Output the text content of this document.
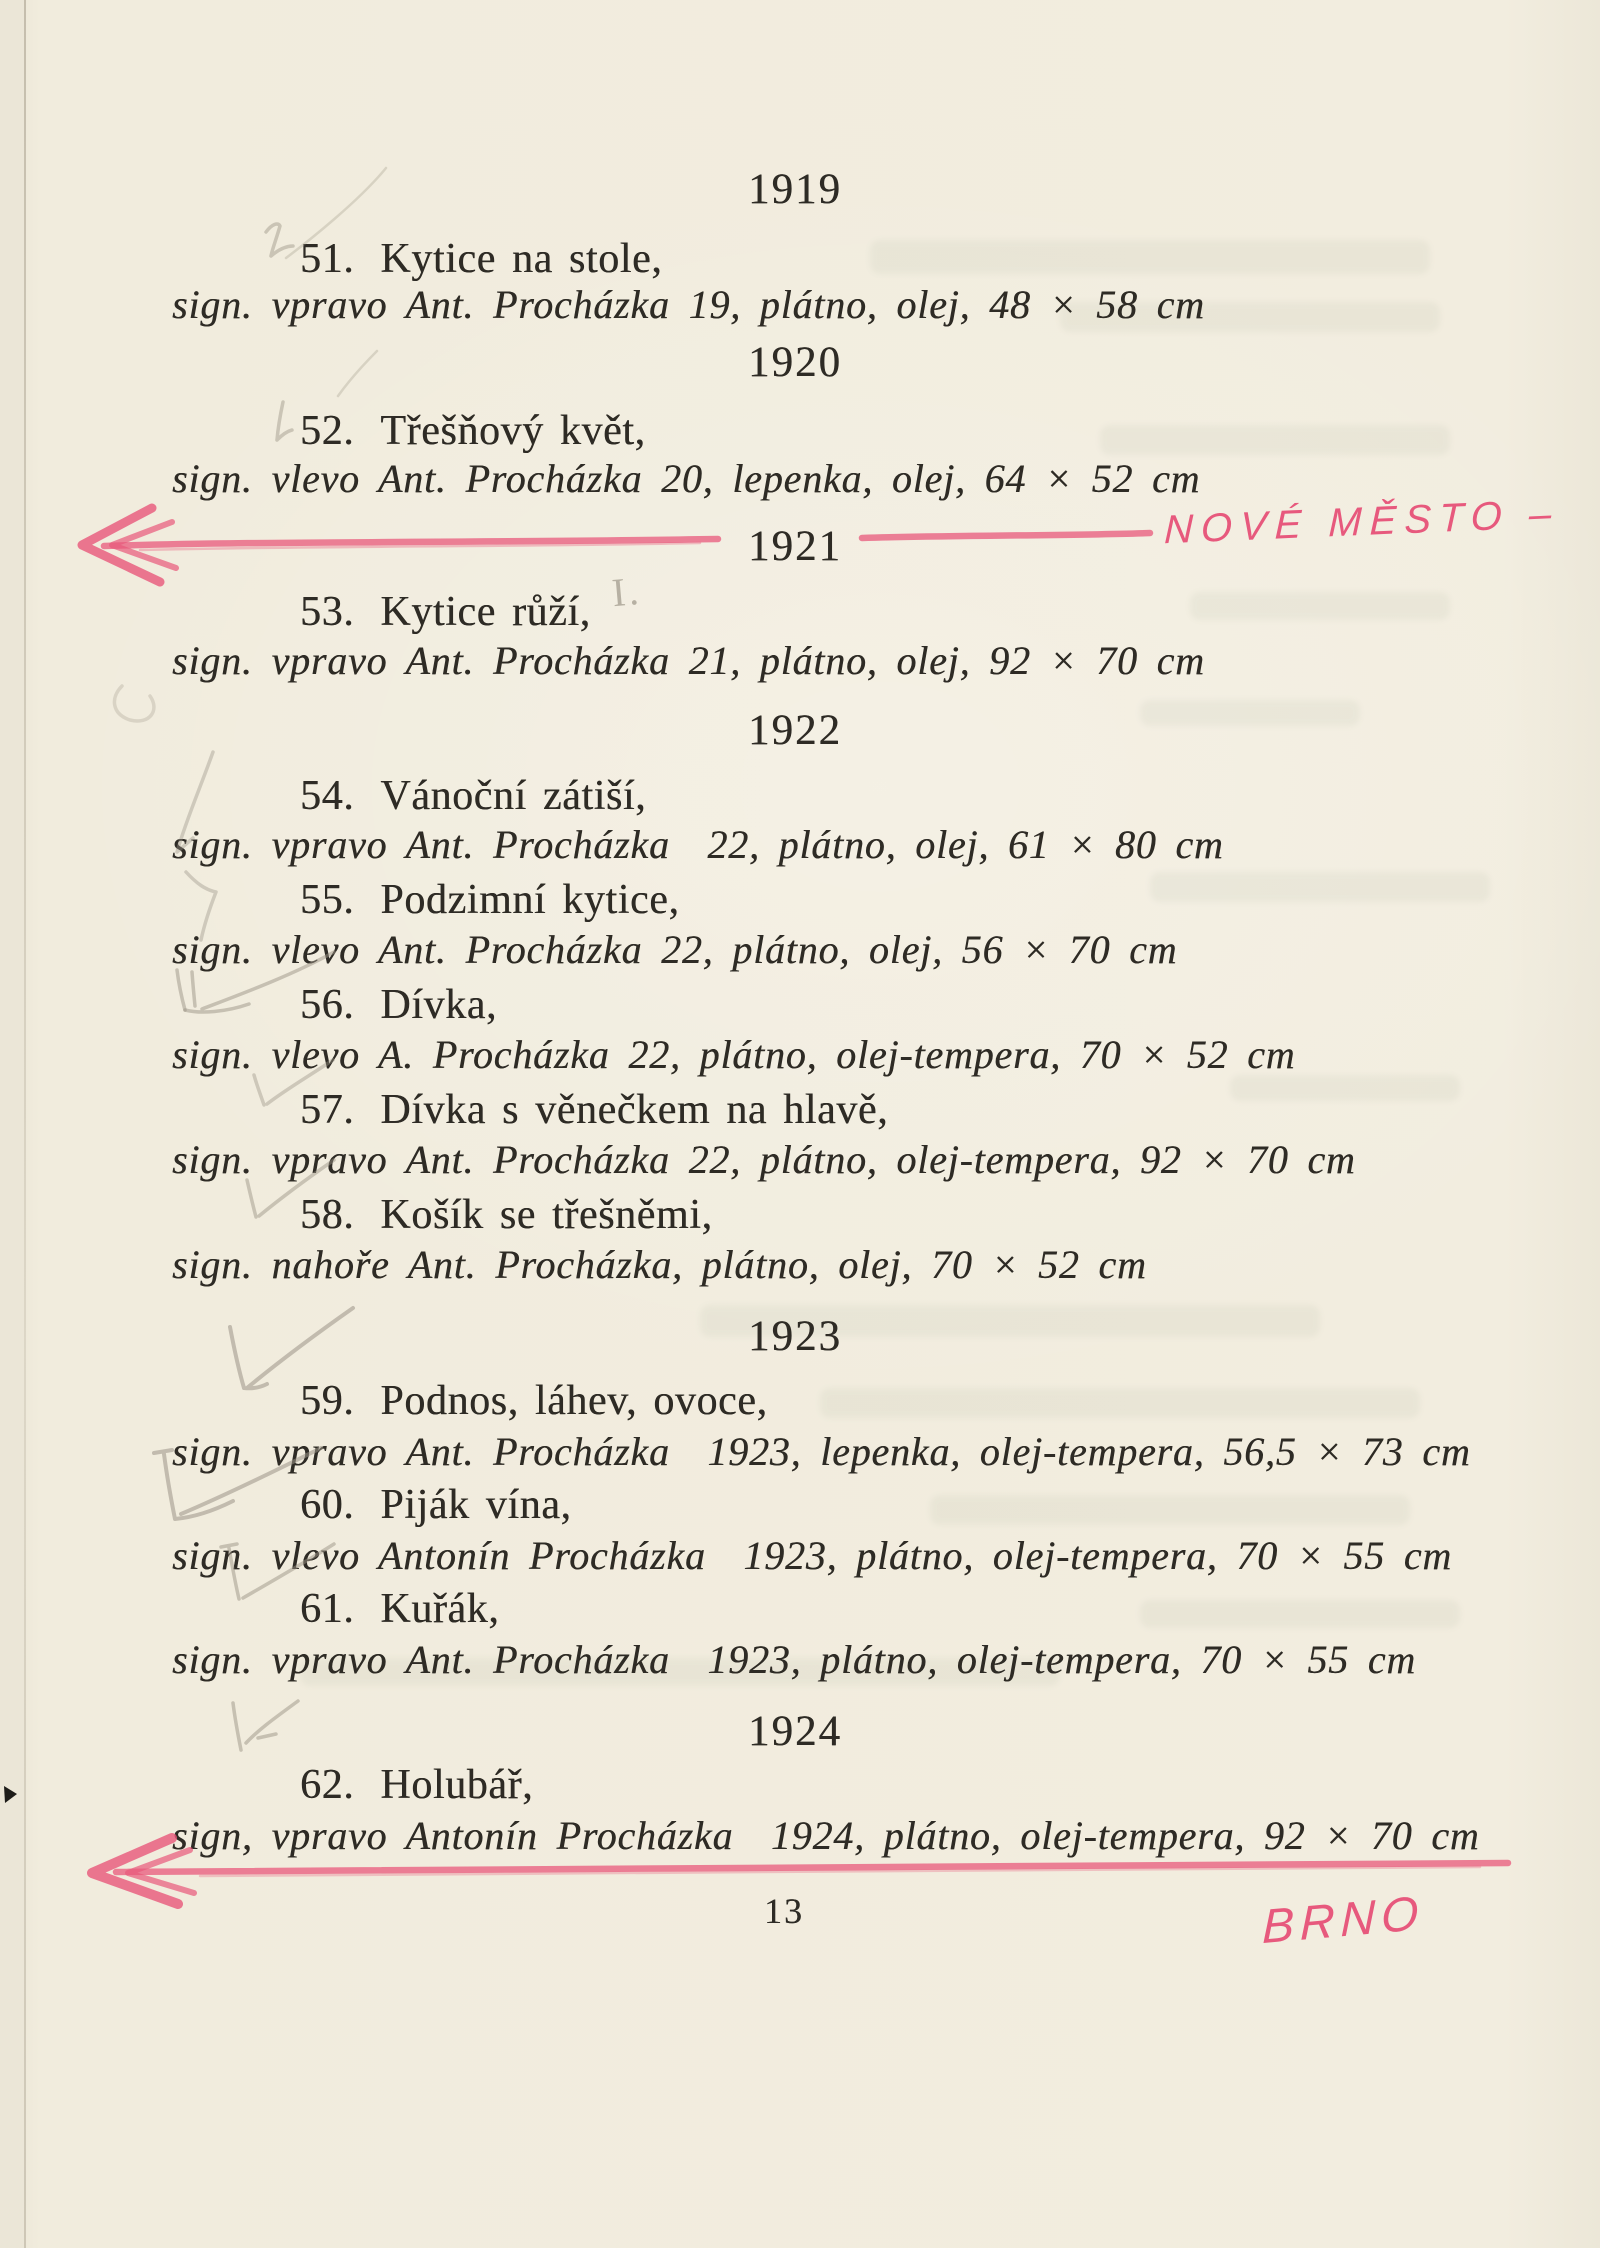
1919
51. Kytice na stole,
sign. vpravo Ant. Procházka 19, plátno, olej, 48 × 58 cm
1920
52. Třešňový květ,
sign. vlevo Ant. Procházka 20, lepenka, olej, 64 × 52 cm
1921
53. Kytice růží,
sign. vpravo Ant. Procházka 21, plátno, olej, 92 × 70 cm
1922
54. Vánoční zátiší,
sign. vpravo Ant. Procházka  22, plátno, olej, 61 × 80 cm
55. Podzimní kytice,
sign. vlevo Ant. Procházka 22, plátno, olej, 56 × 70 cm
56. Dívka,
sign. vlevo A. Procházka 22, plátno, olej-tempera, 70 × 52 cm
57. Dívka s věnečkem na hlavě,
sign. vpravo Ant. Procházka 22, plátno, olej-tempera, 92 × 70 cm
58. Košík se třešněmi,
sign. nahoře Ant. Procházka, plátno, olej, 70 × 52 cm
1923
59. Podnos, láhev, ovoce,
sign. vpravo Ant. Procházka  1923, lepenka, olej-tempera, 56,5 × 73 cm
60. Piják vína,
sign. vlevo Antonín Procházka  1923, plátno, olej-tempera, 70 × 55 cm
61. Kuřák,
sign. vpravo Ant. Procházka  1923, plátno, olej-tempera, 70 × 55 cm
1924
62. Holubář,
sign, vpravo Antonín Procházka  1924, plátno, olej-tempera, 92 × 70 cm
NOVÉ MĚSTO –
BRNO
I.
13
